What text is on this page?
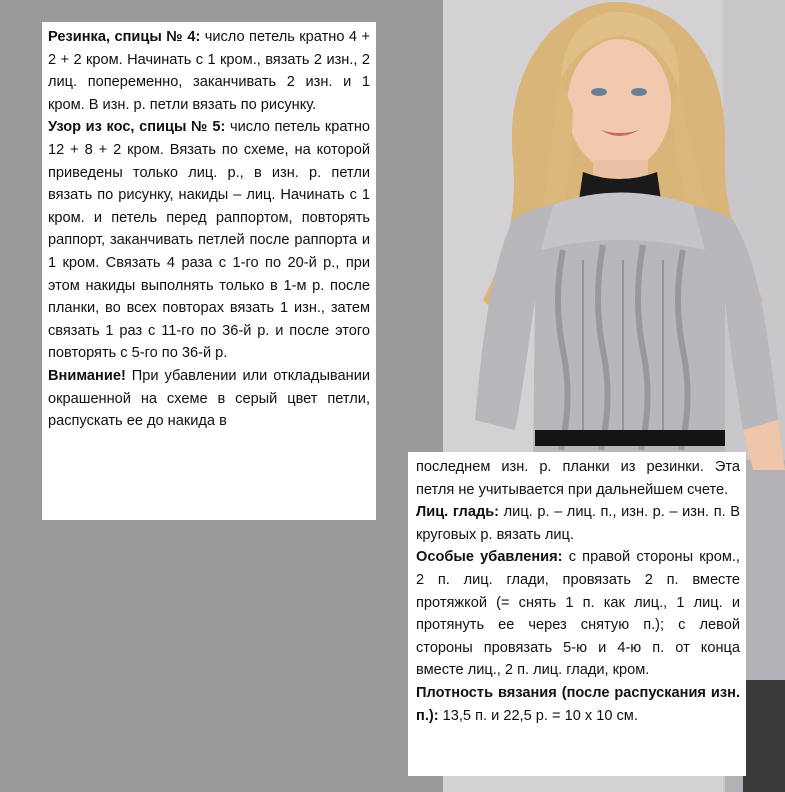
Резинка, спицы № 4: число петель кратно 4 + 2 + 2 кром. Начинать с 1 кром., вязать 2 изн., 2 лиц. попеременно, заканчивать 2 изн. и 1 кром. В изн. р. петли вязать по рисунку.

Узор из кос, спицы № 5: число петель кратно 12 + 8 + 2 кром. Вязать по схеме, на которой приведены только лиц. р., в изн. р. петли вязать по рисунку, накиды – лиц. Начинать с 1 кром. и петель перед раппортом, повторять раппорт, заканчивать петлей после раппорта и 1 кром. Связать 4 раза с 1-го по 20-й р., при этом накиды выполнять только в 1-м р. после планки, во всех повторах вязать 1 изн., затем связать 1 раз с 11-го по 36-й р. и после этого повторять с 5-го по 36-й р.

Внимание! При убавлении или откладывании окрашенной на схеме в серый цвет петли, распускать ее до накида в

последнем изн. р. планки из резинки. Эта петля не учитывается при дальнейшем счете.

Лиц. гладь: лиц. р. – лиц. п., изн. р. – изн. п. В круговых р. вязать лиц.

Особые убавления: с правой стороны кром., 2 п. лиц. глади, провязать 2 п. вместе протяжкой (= снять 1 п. как лиц., 1 лиц. и протянуть ее через снятую п.); с левой стороны провязать 5-ю и 4-ю п. от конца вместе лиц., 2 п. лиц. глади, кром.

Плотность вязания (после распускания изн. п.): 13,5 п. и 22,5 р. = 10 х 10 см.
